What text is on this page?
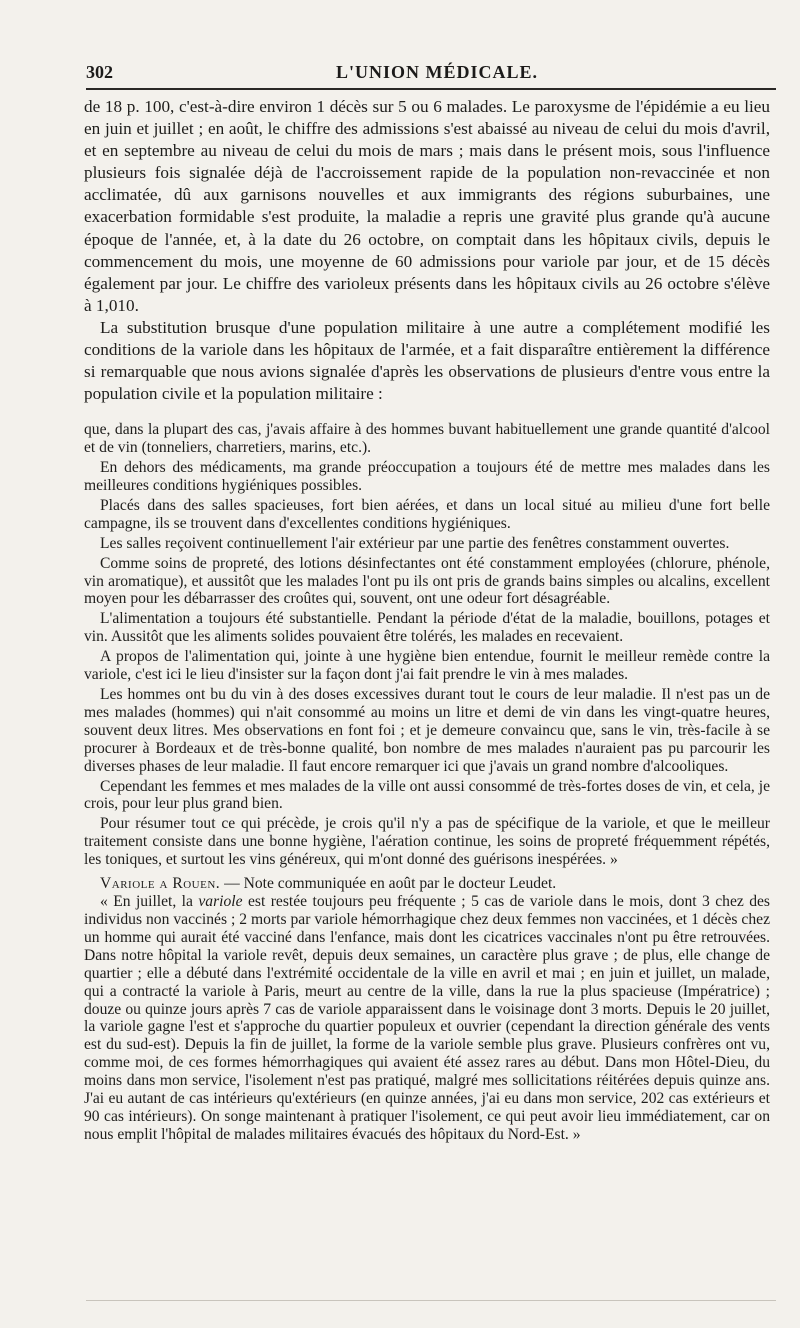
302	L'UNION MÉDICALE.

de 18 p. 100, c'est-à-dire environ 1 décès sur 5 ou 6 malades. Le paroxysme de l'épidémie a eu lieu en juin et juillet ; en août, le chiffre des admissions s'est abaissé au niveau de celui du mois d'avril, et en septembre au niveau de celui du mois de mars ; mais dans le présent mois, sous l'influence plusieurs fois signalée déjà de l'accroissement rapide de la population non-revaccinée et non acclimatée, dû aux garnisons nouvelles et aux immigrants des régions suburbaines, une exacerbation formidable s'est produite, la maladie a repris une gravité plus grande qu'à aucune époque de l'année, et, à la date du 26 octobre, on comptait dans les hôpitaux civils, depuis le commencement du mois, une moyenne de 60 admissions pour variole par jour, et de 15 décès également par jour. Le chiffre des varioleux présents dans les hôpitaux civils au 26 octobre s'élève à 1,010.

La substitution brusque d'une population militaire à une autre a complétement modifié les conditions de la variole dans les hôpitaux de l'armée, et a fait disparaître entièrement la différence si remarquable que nous avions signalée d'après les observations de plusieurs d'entre vous entre la population civile et la population militaire :

que, dans la plupart des cas, j'avais affaire à des hommes buvant habituellement une grande quantité d'alcool et de vin (tonneliers, charretiers, marins, etc.).

En dehors des médicaments, ma grande préoccupation a toujours été de mettre mes malades dans les meilleures conditions hygiéniques possibles.

Placés dans des salles spacieuses, fort bien aérées, et dans un local situé au milieu d'une fort belle campagne, ils se trouvent dans d'excellentes conditions hygiéniques.

Les salles reçoivent continuellement l'air extérieur par une partie des fenêtres constamment ouvertes.

Comme soins de propreté, des lotions désinfectantes ont été constamment employées (chlorure, phénole, vin aromatique), et aussitôt que les malades l'ont pu ils ont pris de grands bains simples ou alcalins, excellent moyen pour les débarrasser des croûtes qui, souvent, ont une odeur fort désagréable.

L'alimentation a toujours été substantielle. Pendant la période d'état de la maladie, bouillons, potages et vin. Aussitôt que les aliments solides pouvaient être tolérés, les malades en recevaient.

A propos de l'alimentation qui, jointe à une hygiène bien entendue, fournit le meilleur remède contre la variole, c'est ici le lieu d'insister sur la façon dont j'ai fait prendre le vin à mes malades.

Les hommes ont bu du vin à des doses excessives durant tout le cours de leur maladie. Il n'est pas un de mes malades (hommes) qui n'ait consommé au moins un litre et demi de vin dans les vingt-quatre heures, souvent deux litres. Mes observations en font foi ; et je demeure convaincu que, sans le vin, très-facile à se procurer à Bordeaux et de très-bonne qualité, bon nombre de mes malades n'auraient pas pu parcourir les diverses phases de leur maladie. Il faut encore remarquer ici que j'avais un grand nombre d'alcooliques.

Cependant les femmes et mes malades de la ville ont aussi consommé de très-fortes doses de vin, et cela, je crois, pour leur plus grand bien.

Pour résumer tout ce qui précède, je crois qu'il n'y a pas de spécifique de la variole, et que le meilleur traitement consiste dans une bonne hygiène, l'aération continue, les soins de propreté fréquemment répétés, les toniques, et surtout les vins généreux, qui m'ont donné des guérisons inespérées. »

Variole a Rouen. — Note communiquée en août par le docteur Leudet.

« En juillet, la variole est restée toujours peu fréquente ; 5 cas de variole dans le mois, dont 3 chez des individus non vaccinés ; 2 morts par variole hémorrhagique chez deux femmes non vaccinées, et 1 décès chez un homme qui aurait été vacciné dans l'enfance, mais dont les cicatrices vaccinales n'ont pu être retrouvées. Dans notre hôpital la variole revêt, depuis deux semaines, un caractère plus grave ; de plus, elle change de quartier ; elle a débuté dans l'extrémité occidentale de la ville en avril et mai ; en juin et juillet, un malade, qui a contracté la variole à Paris, meurt au centre de la ville, dans la rue la plus spacieuse (Impératrice) ; douze ou quinze jours après 7 cas de variole apparaissent dans le voisinage dont 3 morts. Depuis le 20 juillet, la variole gagne l'est et s'approche du quartier populeux et ouvrier (cependant la direction générale des vents est du sud-est). Depuis la fin de juillet, la forme de la variole semble plus grave. Plusieurs confrères ont vu, comme moi, de ces formes hémorrhagiques qui avaient été assez rares au début. Dans mon Hôtel-Dieu, du moins dans mon service, l'isolement n'est pas pratiqué, malgré mes sollicitations réitérées depuis quinze ans. J'ai eu autant de cas intérieurs qu'extérieurs (en quinze années, j'ai eu dans mon service, 202 cas extérieurs et 90 cas intérieurs). On songe maintenant à pratiquer l'isolement, ce qui peut avoir lieu immédiatement, car on nous emplit l'hôpital de malades militaires évacués des hôpitaux du Nord-Est. »
